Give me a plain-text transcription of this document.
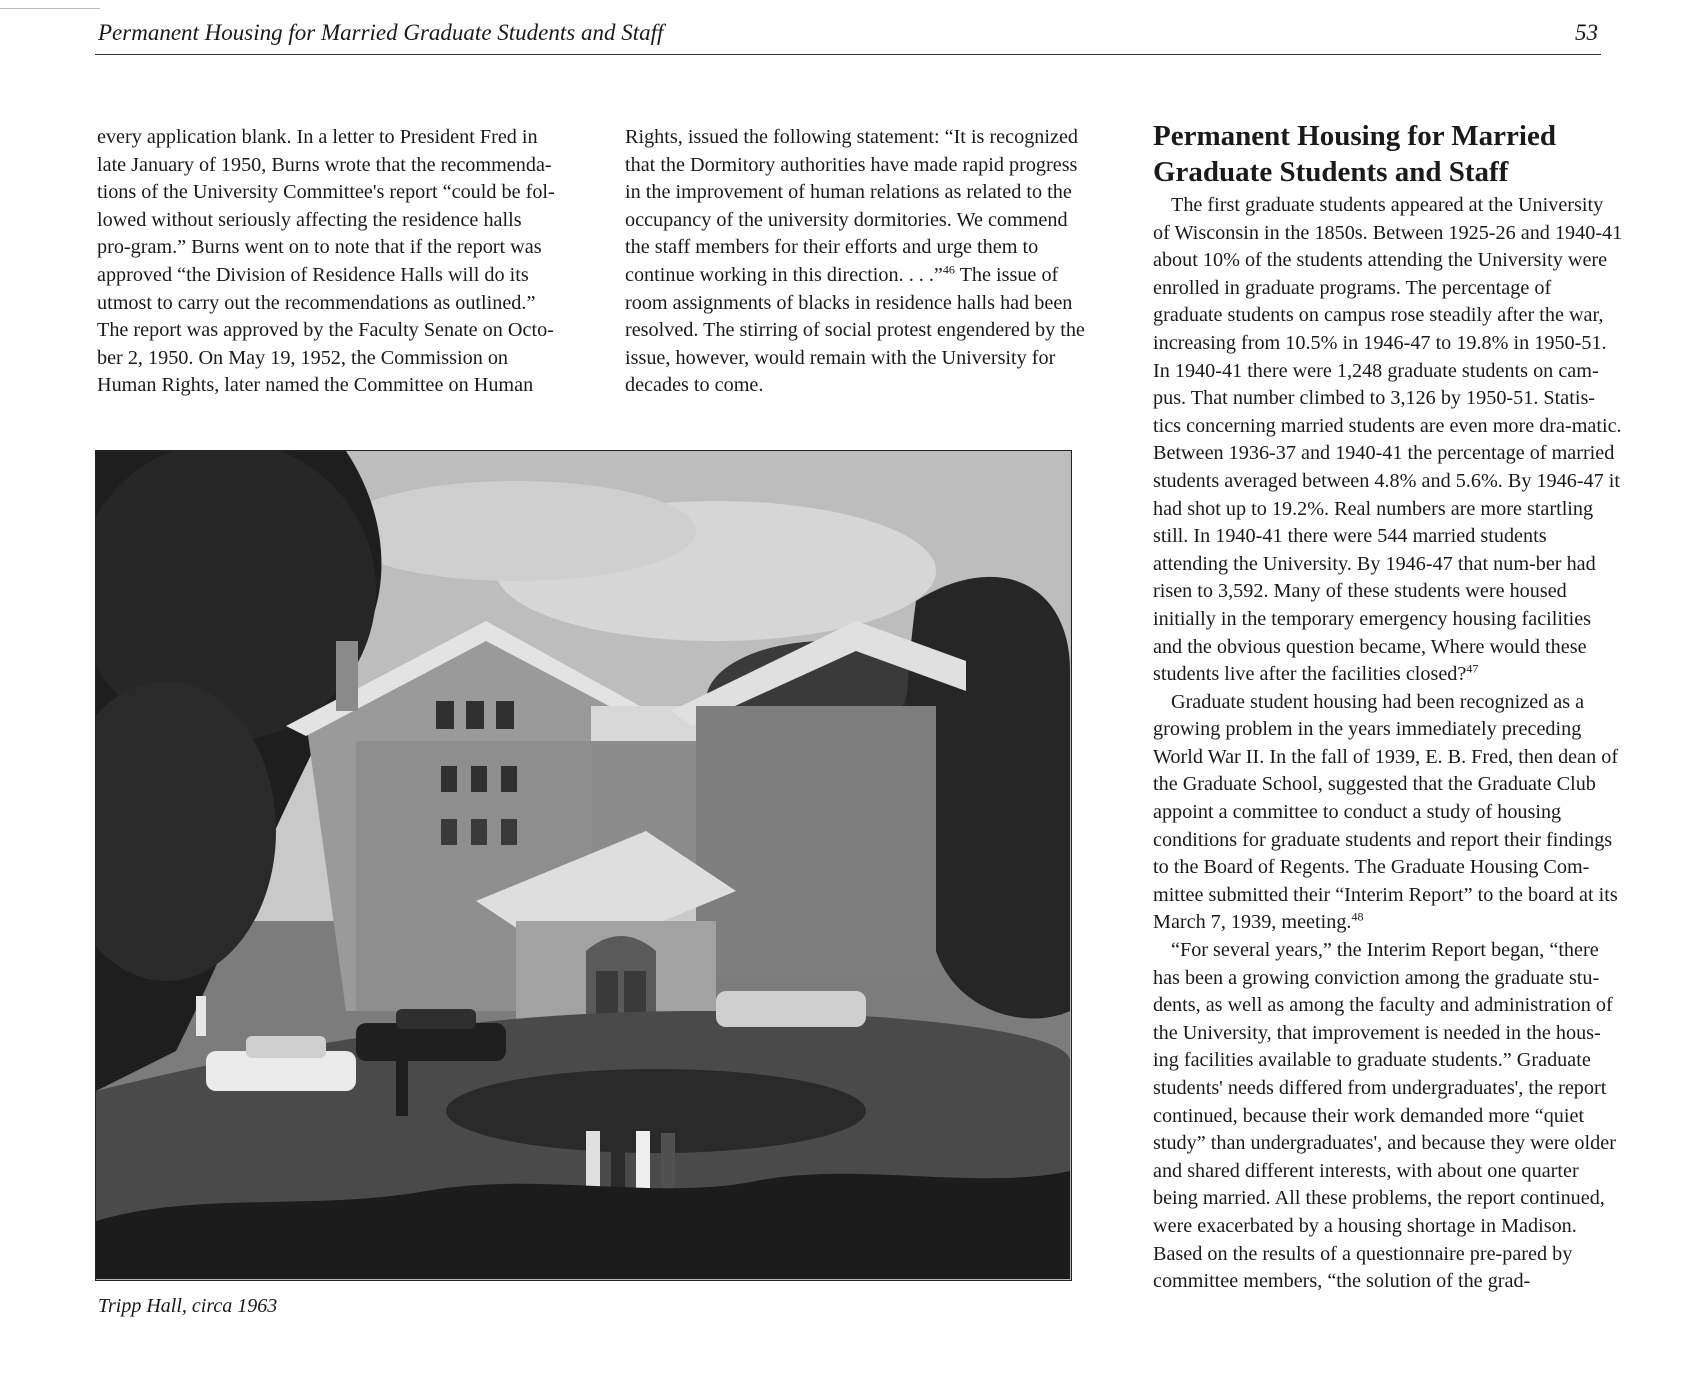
Permanent Housing for Married Graduate Students and Staff	53

every application blank. In a letter to President Fred in late January of 1950, Burns wrote that the recommenda-tions of the University Committee's report “could be fol-lowed without seriously affecting the residence halls pro-gram.” Burns went on to note that if the report was approved “the Division of Residence Halls will do its utmost to carry out the recommendations as outlined.” The report was approved by the Faculty Senate on Octo-ber 2, 1950. On May 19, 1952, the Commission on Human Rights, later named the Committee on Human

Rights, issued the following statement: “It is recognized that the Dormitory authorities have made rapid progress in the improvement of human relations as related to the occupancy of the university dormitories. We commend the staff members for their efforts and urge them to continue working in this direction. . . .”$^{46}$ The issue of room assignments of blacks in residence halls had been resolved. The stirring of social protest engendered by the issue, however, would remain with the University for decades to come.

Permanent Housing for Married Graduate Students and Staff

The first graduate students appeared at the University of Wisconsin in the 1850s. Between 1925-26 and 1940-41 about 10% of the students attending the University were enrolled in graduate programs. The percentage of graduate students on campus rose steadily after the war, increasing from 10.5% in 1946-47 to 19.8% in 1950-51. In 1940-41 there were 1,248 graduate students on cam-pus. That number climbed to 3,126 by 1950-51. Statis-tics concerning married students are even more dra-matic. Between 1936-37 and 1940-41 the percentage of married students averaged between 4.8% and 5.6%. By 1946-47 it had shot up to 19.2%. Real numbers are more startling still. In 1940-41 there were 544 married students attending the University. By 1946-47 that num-ber had risen to 3,592. Many of these students were housed initially in the temporary emergency housing facilities and the obvious question became, Where would these students live after the facilities closed?$^{47}$

Graduate student housing had been recognized as a growing problem in the years immediately preceding World War II. In the fall of 1939, E. B. Fred, then dean of the Graduate School, suggested that the Graduate Club appoint a committee to conduct a study of housing conditions for graduate students and report their findings to the Board of Regents. The Graduate Housing Com-mittee submitted their “Interim Report” to the board at its March 7, 1939, meeting.$^{48}$

“For several years,” the Interim Report began, “there has been a growing conviction among the graduate stu-dents, as well as among the faculty and administration of the University, that improvement is needed in the hous-ing facilities available to graduate students.” Graduate students' needs differed from undergraduates', the report continued, because their work demanded more “quiet study” than undergraduates', and because they were older and shared different interests, with about one quarter being married. All these problems, the report continued, were exacerbated by a housing shortage in Madison. Based on the results of a questionnaire pre-pared by committee members, “the solution of the grad-

Tripp Hall, circa 1963
